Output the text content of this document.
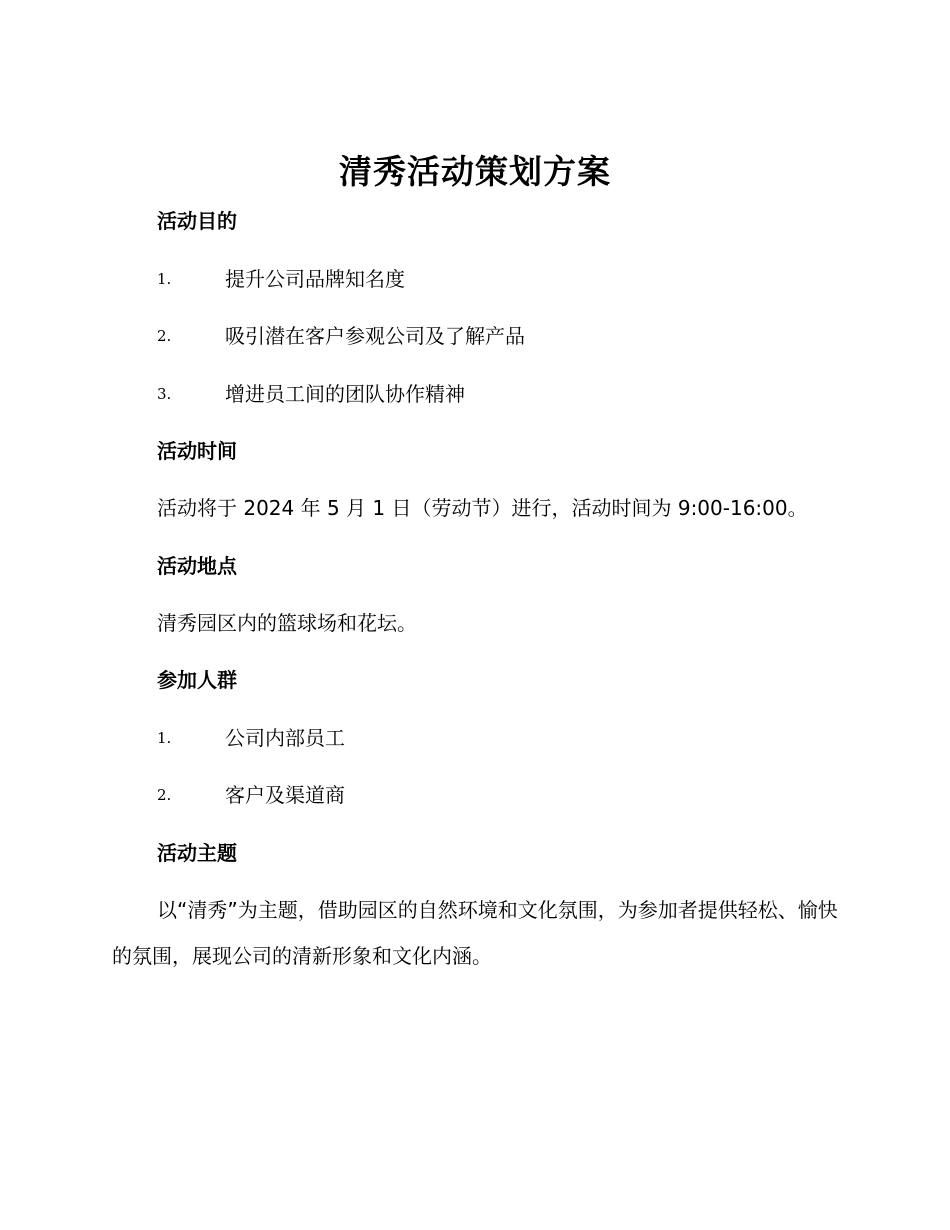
清秀活动策划方案
活动目的
1.	提升公司品牌知名度
2.	吸引潜在客户参观公司及了解产品
3.	增进员工间的团队协作精神
活动时间
活动将于 2024 年 5 月 1 日（劳动节）进行，活动时间为 9:00-16:00。
活动地点
清秀园区内的篮球场和花坛。
参加人群
1.	公司内部员工
2.	客户及渠道商
活动主题
以“清秀”为主题，借助园区的自然环境和文化氛围，为参加者提供轻松、愉快的氛围，展现公司的清新形象和文化内涵。
